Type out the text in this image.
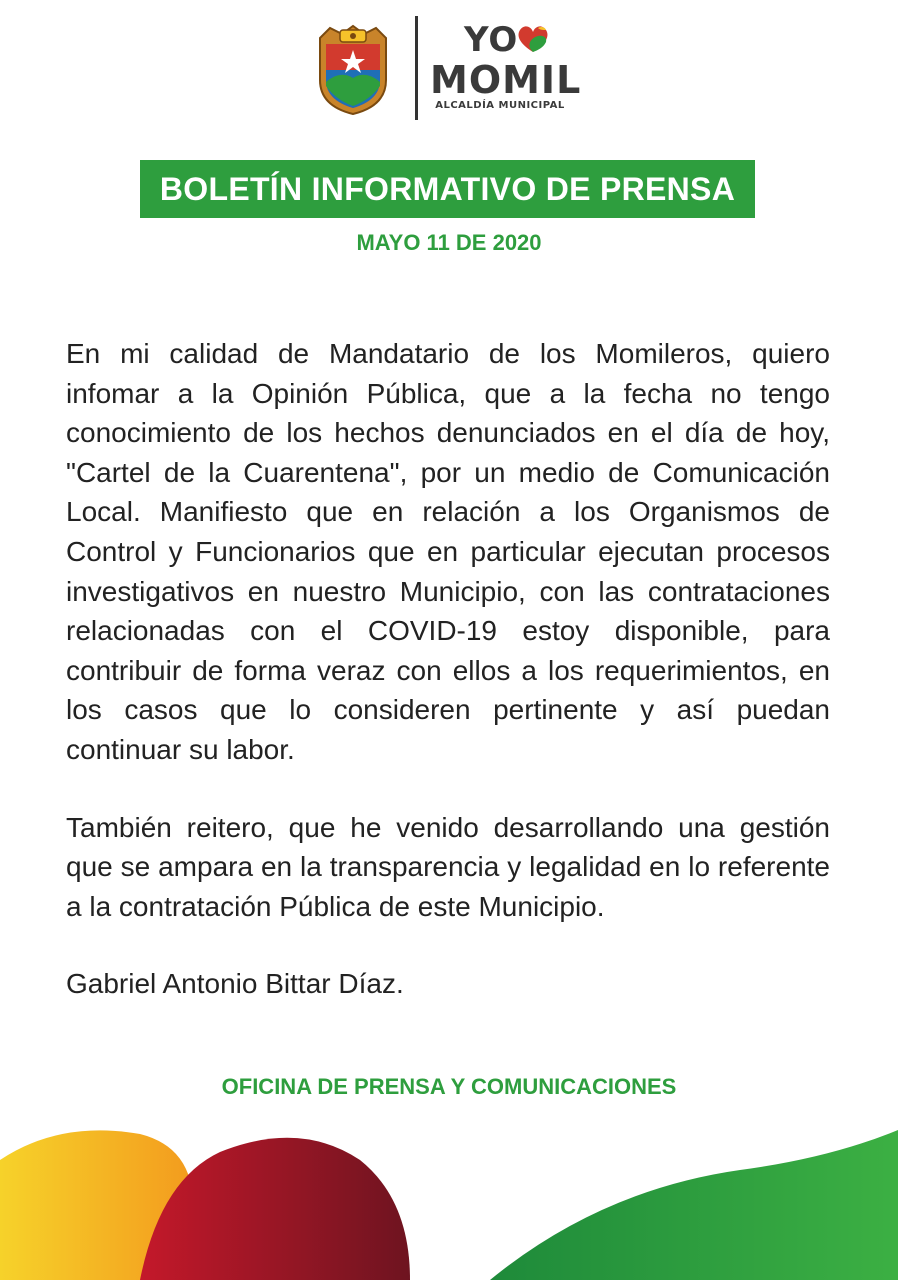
YO
MOMIL
ALCALDÍA MUNICIPAL
BOLETÍN INFORMATIVO DE PRENSA
MAYO 11 DE 2020

En mi calidad de Mandatario de los Momileros, quiero infomar a la Opinión Pública, que a la fecha no tengo conocimiento de los hechos denunciados en el día de hoy, "Cartel de la Cuarentena", por un medio de Comunicación Local. Manifiesto que en relación a los Organismos de Control y Funcionarios que en particular ejecutan procesos investigativos en nuestro Municipio, con las contrataciones relacionadas con el COVID-19 estoy disponible, para contribuir de forma veraz con ellos a los requerimientos, en los casos que lo consideren pertinente y así puedan continuar su labor.

También reitero, que he venido desarrollando una gestión que se ampara en la transparencia y legalidad en lo referente a la contratación Pública de este Municipio.

Gabriel Antonio Bittar Díaz.

OFICINA DE PRENSA Y COMUNICACIONES
